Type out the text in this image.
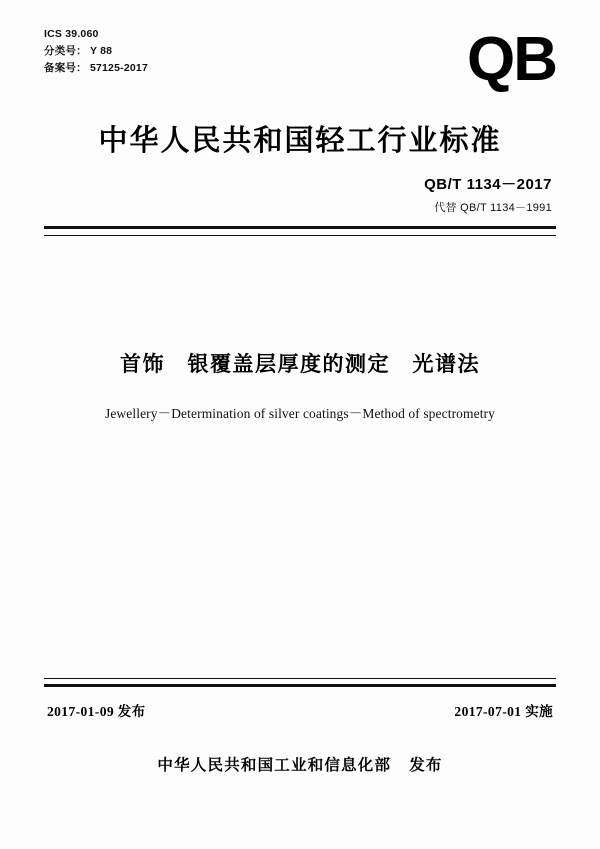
ICS 39.060
分类号： Y 88
备案号： 57125-2017	QB
中华人民共和国轻工行业标准
QB/T 1134－2017
代替 QB/T 1134－1991
首饰　银覆盖层厚度的测定　光谱法
Jewellery－Determination of silver coatings－Method of spectrometry
2017-01-09 发布	2017-07-01 实施
中华人民共和国工业和信息化部 发布
